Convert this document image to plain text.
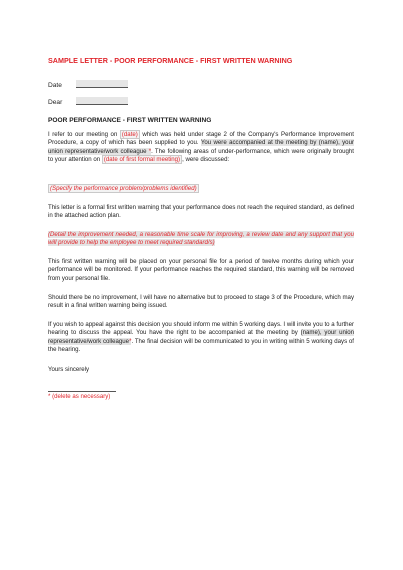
SAMPLE LETTER - POOR PERFORMANCE - FIRST WRITTEN WARNING
Date
Dear
POOR PERFORMANCE - FIRST WRITTEN WARNING

I refer to our meeting on (date) which was held under stage 2 of the Company's Performance Improvement Procedure, a copy of which has been supplied to you. You were accompanied at the meeting by (name), your union representative/work colleague *. The following areas of under-performance, which were originally brought to your attention on (date of first formal meeting) , were discussed:

(Specify the performance problem/problems identified)

This letter is a formal first written warning that your performance does not reach the required standard, as defined in the attached action plan.

(Detail the improvement needed, a reasonable time scale for improving, a review date and any support that you will provide to help the employee to meet required standard/s)

This first written warning will be placed on your personal file for a period of twelve months during which your performance will be monitored. If your performance reaches the required standard, this warning will be removed from your personal file.

Should there be no improvement, I will have no alternative but to proceed to stage 3 of the Procedure, which may result in a final written warning being issued.

If you wish to appeal against this decision you should inform me within 5 working days. I will invite you to a further hearing to discuss the appeal. You have the right to be accompanied at the meeting by (name), your union representative/work colleague*. The final decision will be communicated to you in writing within 5 working days of the hearing.

Yours sincerely
* (delete as necessary)
